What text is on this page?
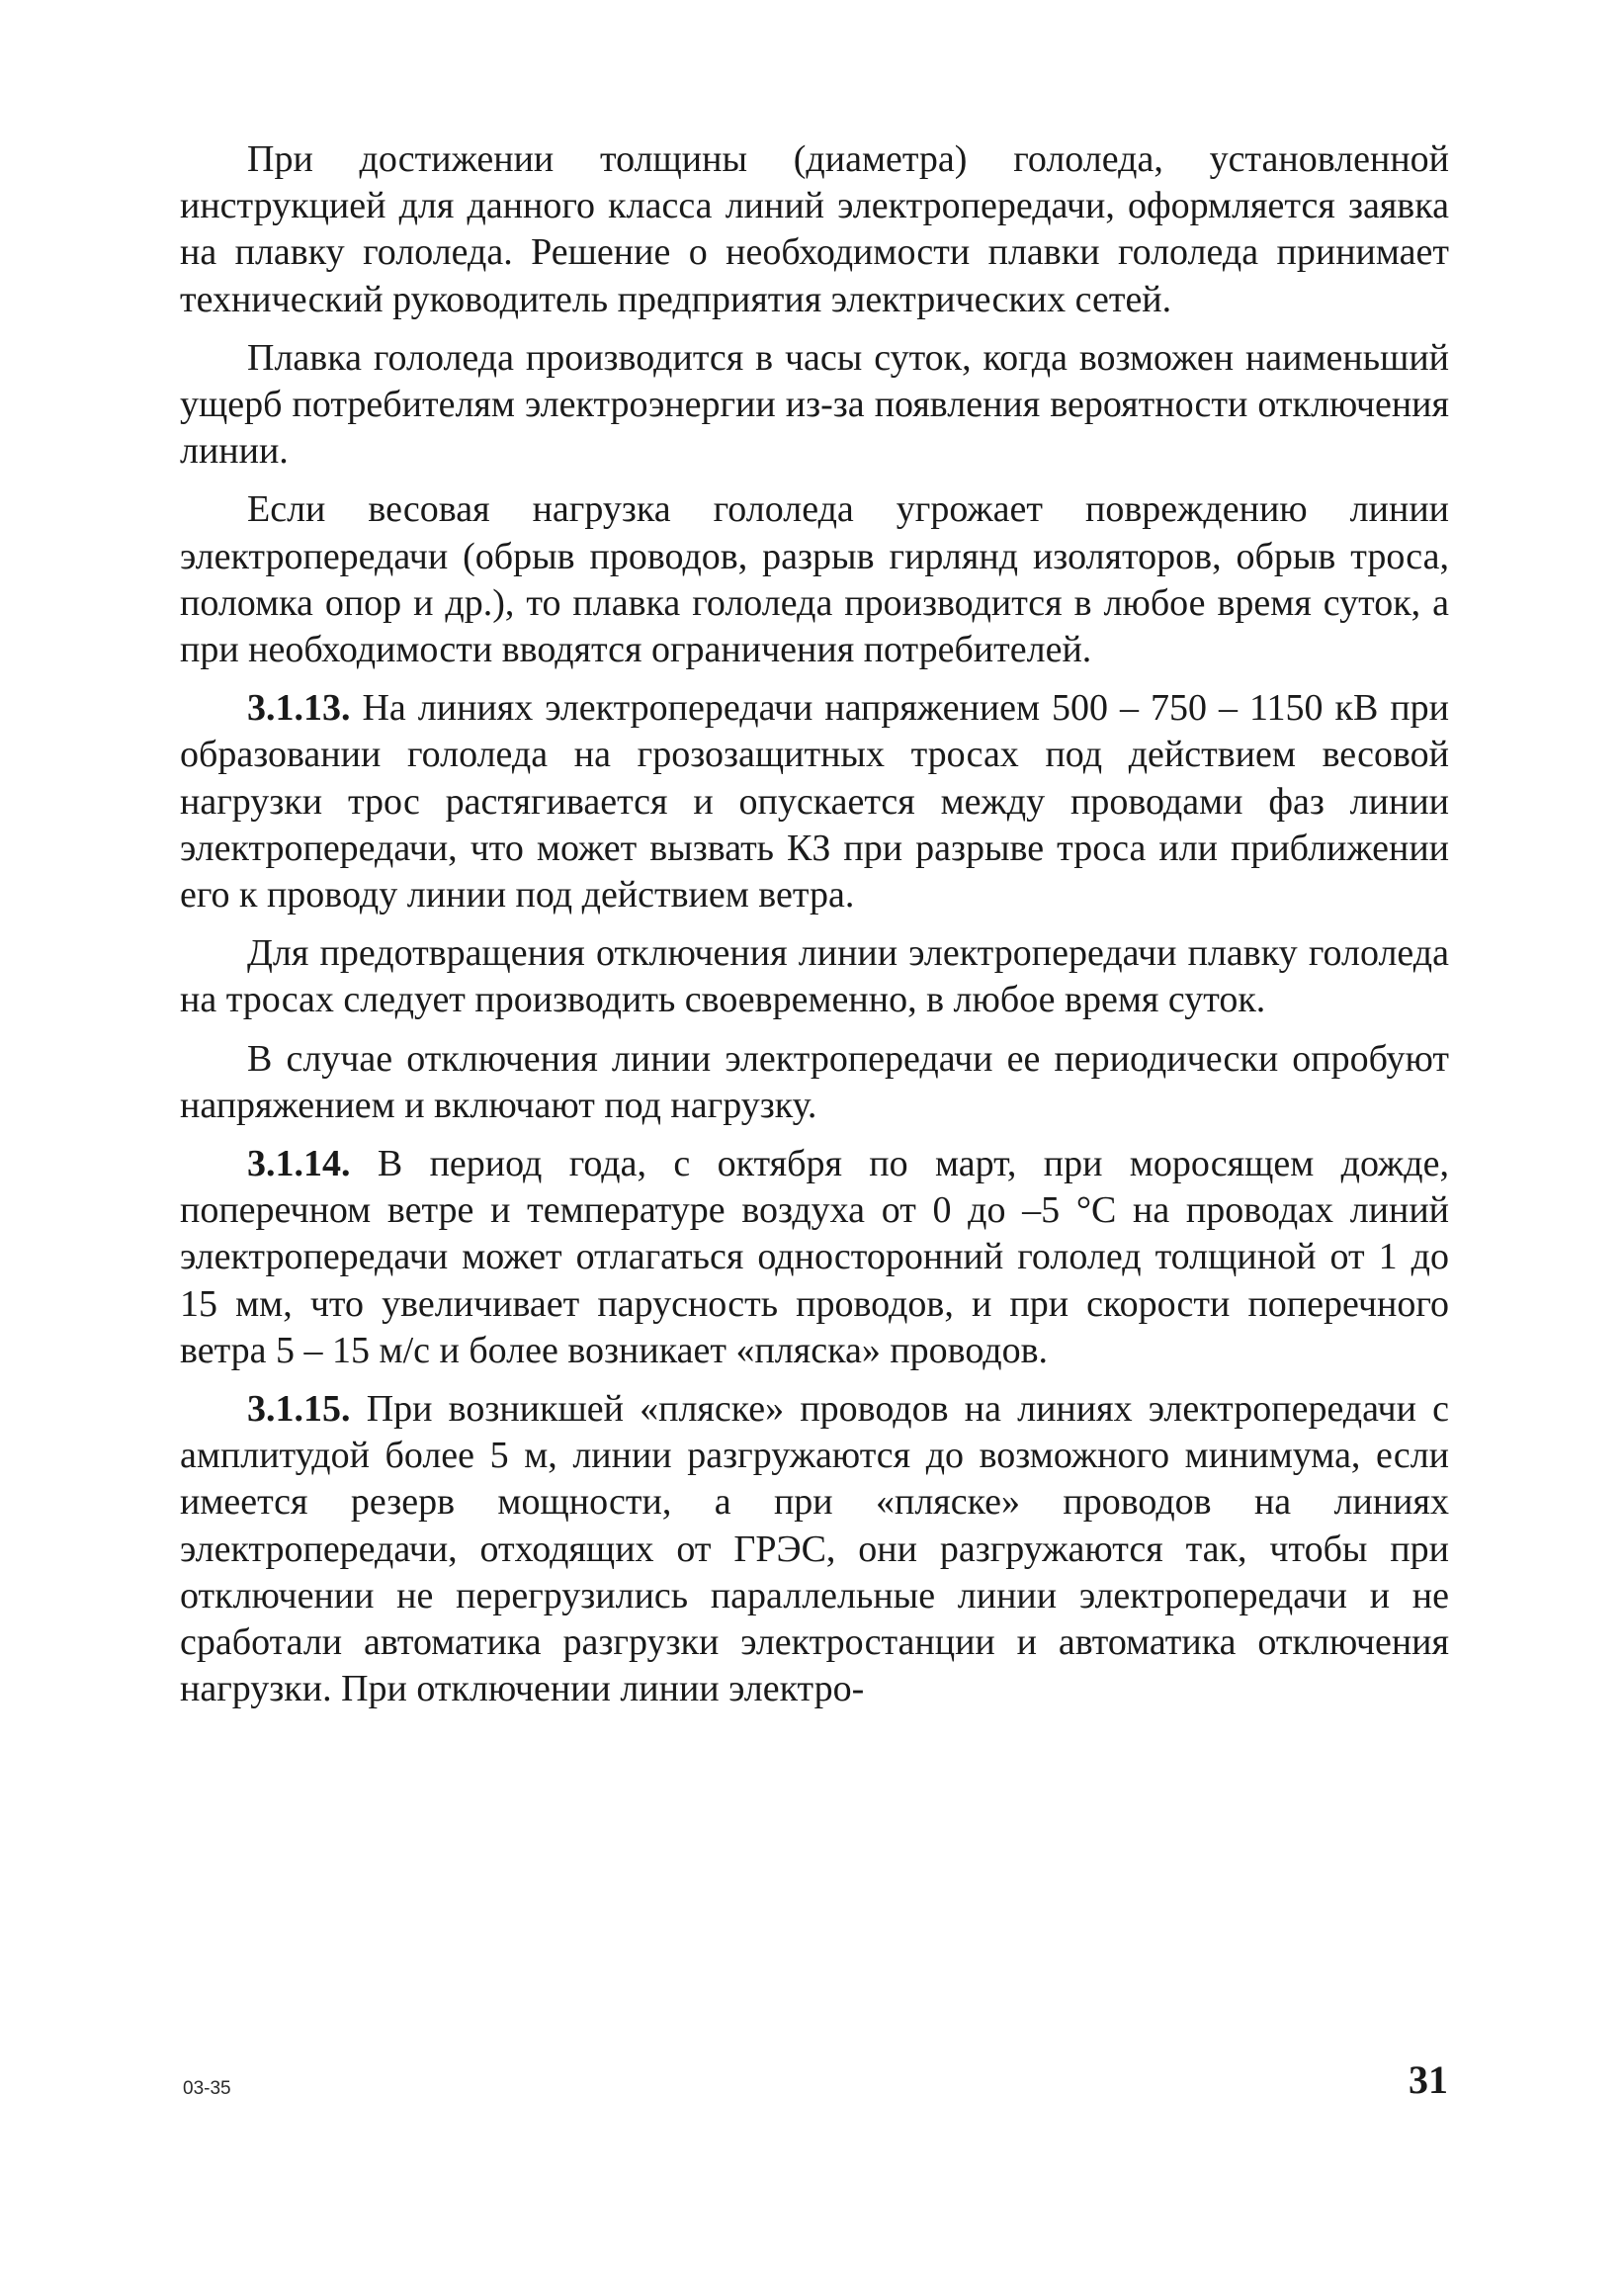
При достижении толщины (диаметра) гололеда, установленной инструкцией для данного класса линий электропередачи, оформляется заявка на плавку гололеда. Решение о необходимости плавки гололеда принимает технический руководитель предприятия электрических сетей.

Плавка гололеда производится в часы суток, когда возможен наименьший ущерб потребителям электроэнергии из-за появления вероятности отключения линии.

Если весовая нагрузка гололеда угрожает повреждению линии электропередачи (обрыв проводов, разрыв гирлянд изоляторов, обрыв троса, поломка опор и др.), то плавка гололеда производится в любое время суток, а при необходимости вводятся ограничения потребителей.

3.1.13. На линиях электропередачи напряжением 500 – 750 – 1150 кВ при образовании гололеда на грозозащитных тросах под действием весовой нагрузки трос растягивается и опускается между проводами фаз линии электропередачи, что может вызвать КЗ при разрыве троса или приближении его к проводу линии под действием ветра.

Для предотвращения отключения линии электропередачи плавку гололеда на тросах следует производить своевременно, в любое время суток.

В случае отключения линии электропередачи ее периодически опробуют напряжением и включают под нагрузку.

3.1.14. В период года, с октября по март, при моросящем дожде, поперечном ветре и температуре воздуха от 0 до –5 °С на проводах линий электропередачи может отлагаться односторонний гололед толщиной от 1 до 15 мм, что увеличивает парусность проводов, и при скорости поперечного ветра 5 – 15 м/с и более возникает «пляска» проводов.

3.1.15. При возникшей «пляске» проводов на линиях электропередачи с амплитудой более 5 м, линии разгружаются до возможного минимума, если имеется резерв мощности, а при «пляске» проводов на линиях электропередачи, отходящих от ГРЭС, они разгружаются так, чтобы при отключении не перегрузились параллельные линии электропередачи и не сработали автоматика разгрузки электростанции и автоматика отключения нагрузки. При отключении линии электро-

03-35	31
